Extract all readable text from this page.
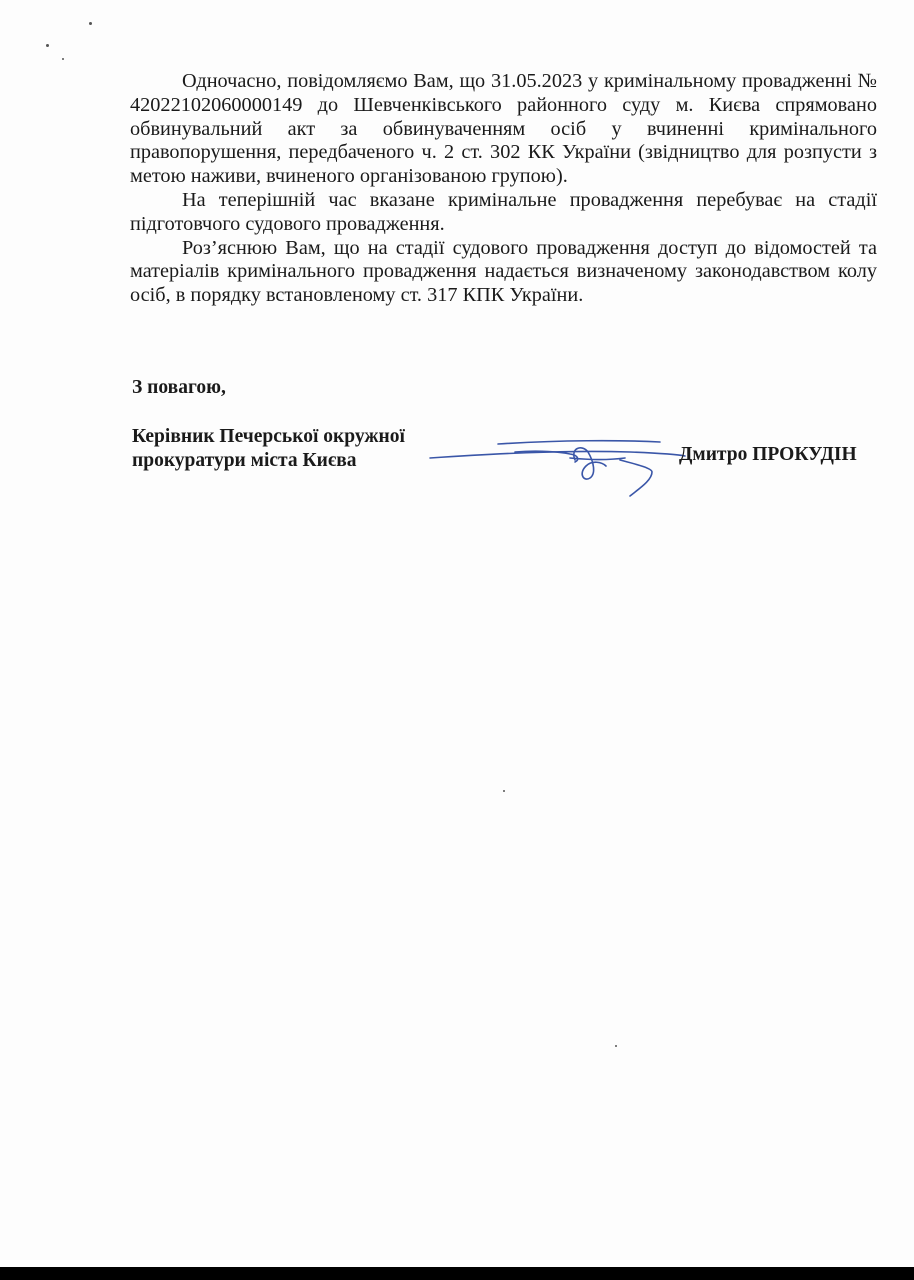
Одночасно, повідомляємо Вам, що 31.05.2023 у кримінальному провадженні № 42022102060000149 до Шевченківського районного суду м. Києва спрямовано обвинувальний акт за обвинуваченням осіб у вчиненні кримінального правопорушення, передбаченого ч. 2 ст. 302 КК України (звідництво для розпусти з метою наживи, вчиненого організованою групою).

На теперішній час вказане кримінальне провадження перебуває на стадії підготовчого судового провадження.

Роз’яснюю Вам, що на стадії судового провадження доступ до відомостей та матеріалів кримінального провадження надається визначеному законодавством колу осіб, в порядку встановленому ст. 317 КПК України.

З повагою,
Керівник Печерської окружної
прокуратури міста Києва	Дмитро ПРОКУДІН
